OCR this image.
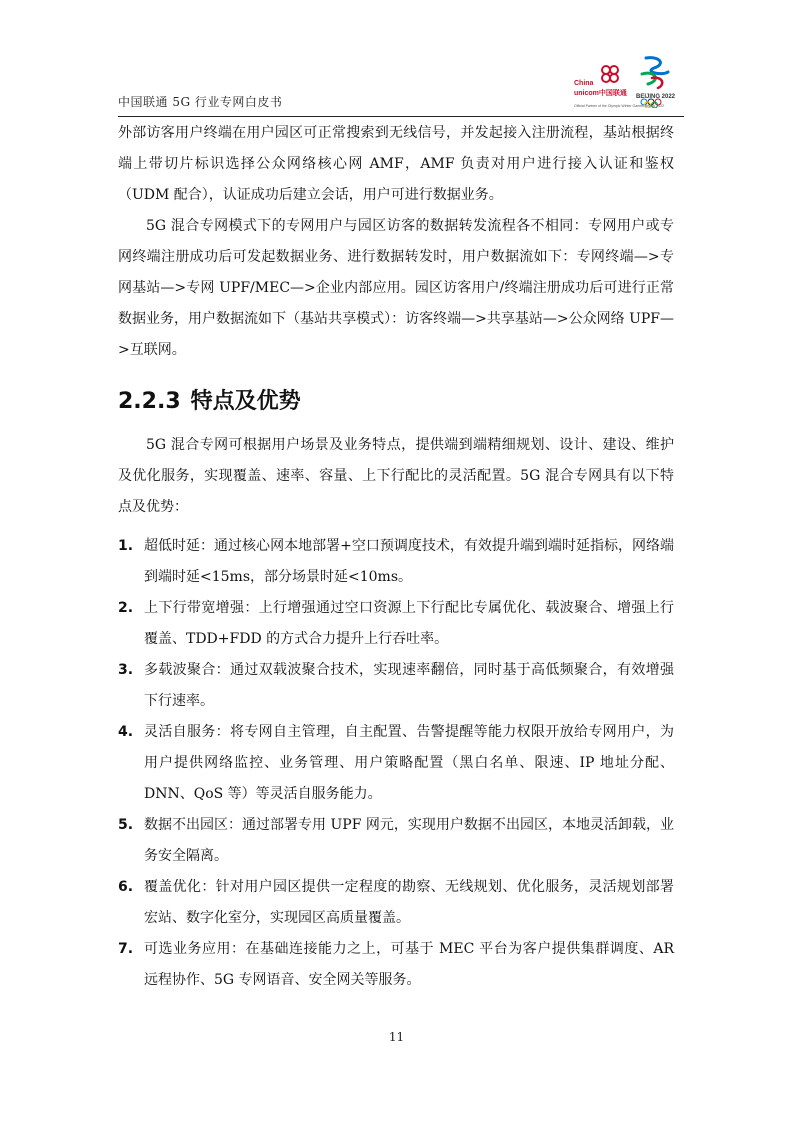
中国联通 5G 行业专网白皮书
China
unicom中国联通 BEIJING 2022
Official Partner of the Olympic Winter Games Beijing 2022

外部访客用户终端在用户园区可正常搜索到无线信号，并发起接入注册流程，基站根据终端上带切片标识选择公众网络核心网 AMF，AMF 负责对用户进行接入认证和鉴权（UDM 配合），认证成功后建立会话，用户可进行数据业务。

5G 混合专网模式下的专网用户与园区访客的数据转发流程各不相同：专网用户或专网终端注册成功后可发起数据业务、进行数据转发时，用户数据流如下：专网终端—>专网基站—>专网 UPF/MEC—>企业内部应用。园区访客用户/终端注册成功后可进行正常数据业务，用户数据流如下（基站共享模式）：访客终端—>共享基站—>公众网络 UPF—>互联网。

2.2.3 特点及优势

5G 混合专网可根据用户场景及业务特点，提供端到端精细规划、设计、建设、维护及优化服务，实现覆盖、速率、容量、上下行配比的灵活配置。5G 混合专网具有以下特点及优势：

1. 超低时延：通过核心网本地部署+空口预调度技术，有效提升端到端时延指标，网络端到端时延<15ms，部分场景时延<10ms。
2. 上下行带宽增强：上行增强通过空口资源上下行配比专属优化、载波聚合、增强上行覆盖、TDD+FDD 的方式合力提升上行吞吐率。
3. 多载波聚合：通过双载波聚合技术，实现速率翻倍，同时基于高低频聚合，有效增强下行速率。
4. 灵活自服务：将专网自主管理，自主配置、告警提醒等能力权限开放给专网用户，为用户提供网络监控、业务管理、用户策略配置（黑白名单、限速、IP 地址分配、DNN、QoS 等）等灵活自服务能力。
5. 数据不出园区：通过部署专用 UPF 网元，实现用户数据不出园区，本地灵活卸载，业务安全隔离。
6. 覆盖优化：针对用户园区提供一定程度的勘察、无线规划、优化服务，灵活规划部署宏站、数字化室分，实现园区高质量覆盖。
7. 可选业务应用：在基础连接能力之上，可基于 MEC 平台为客户提供集群调度、AR 远程协作、5G 专网语音、安全网关等服务。
11
